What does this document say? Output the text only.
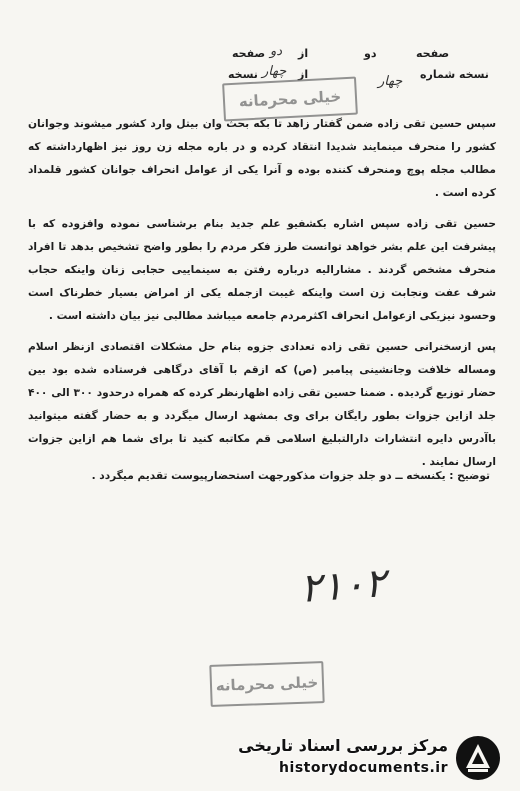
صفحه
دو
از
دو
صفحه
نسخه شماره
چهار
از
چهار
نسخه
خیلی محرمانه

سپس حسین تقی زاده ضمن گفتار زاهد تا بکه بحث وان بیتل وارد کشور میشوند وجوانان کشور را منحرف مینمایند شدیدا انتقاد کرده و در باره مجله زن روز نیز اظهارداشته که مطالب مجله پوچ ومنحرف کننده بوده و آنرا یکی از عوامل انحراف جوانان کشور قلمداد کرده است .

حسین تقی زاده سپس اشاره بکشفیو علم جدید بنام برشناسی نموده وافزوده که با پیشرفت این علم بشر خواهد توانست طرز فکر مردم را بطور واضح تشخیص بدهد تا افراد منحرف مشخص گردند . مشارالیه درباره رفتن به سینماییی حجابی زنان واینکه حجاب شرف عفت ونجابت زن است واینکه غیبت ازجمله یکی از امراض بسیار خطرناک است وحسود نیزیکی ازعوامل انحراف اکثرمردم جامعه میباشد مطالبی نیز بیان داشته است .

پس ازسخنرانی حسین تقی زاده تعدادی جزوه بنام حل مشکلات اقتصادی ازنظر اسلام ومساله خلافت وجانشینی پیامبر (ص) که ازقم با آقای درگاهی فرستاده شده بود بین حضار توزیع گردیده . ضمنا حسین تقی زاده اظهارنظر کرده که همراه درحدود ۳۰۰ الی ۴۰۰ جلد ازاین جزوات بطور رایگان برای وی بمشهد ارسال میگردد و به حضار گفته میتوانید باآدرس دایره انتشارات دارالتبلیغ اسلامی قم مکاتبه کنید تا برای شما هم ازاین جزوات ارسال نمایند .

توضیح : یکنسخه ــ دو جلد جزوات مذکورجهت استحضارپیوست تقدیم میگردد .
۲۱۰۲
خیلی محرمانه
مرکز بررسی اسناد تاریخی
historydocuments.ir
